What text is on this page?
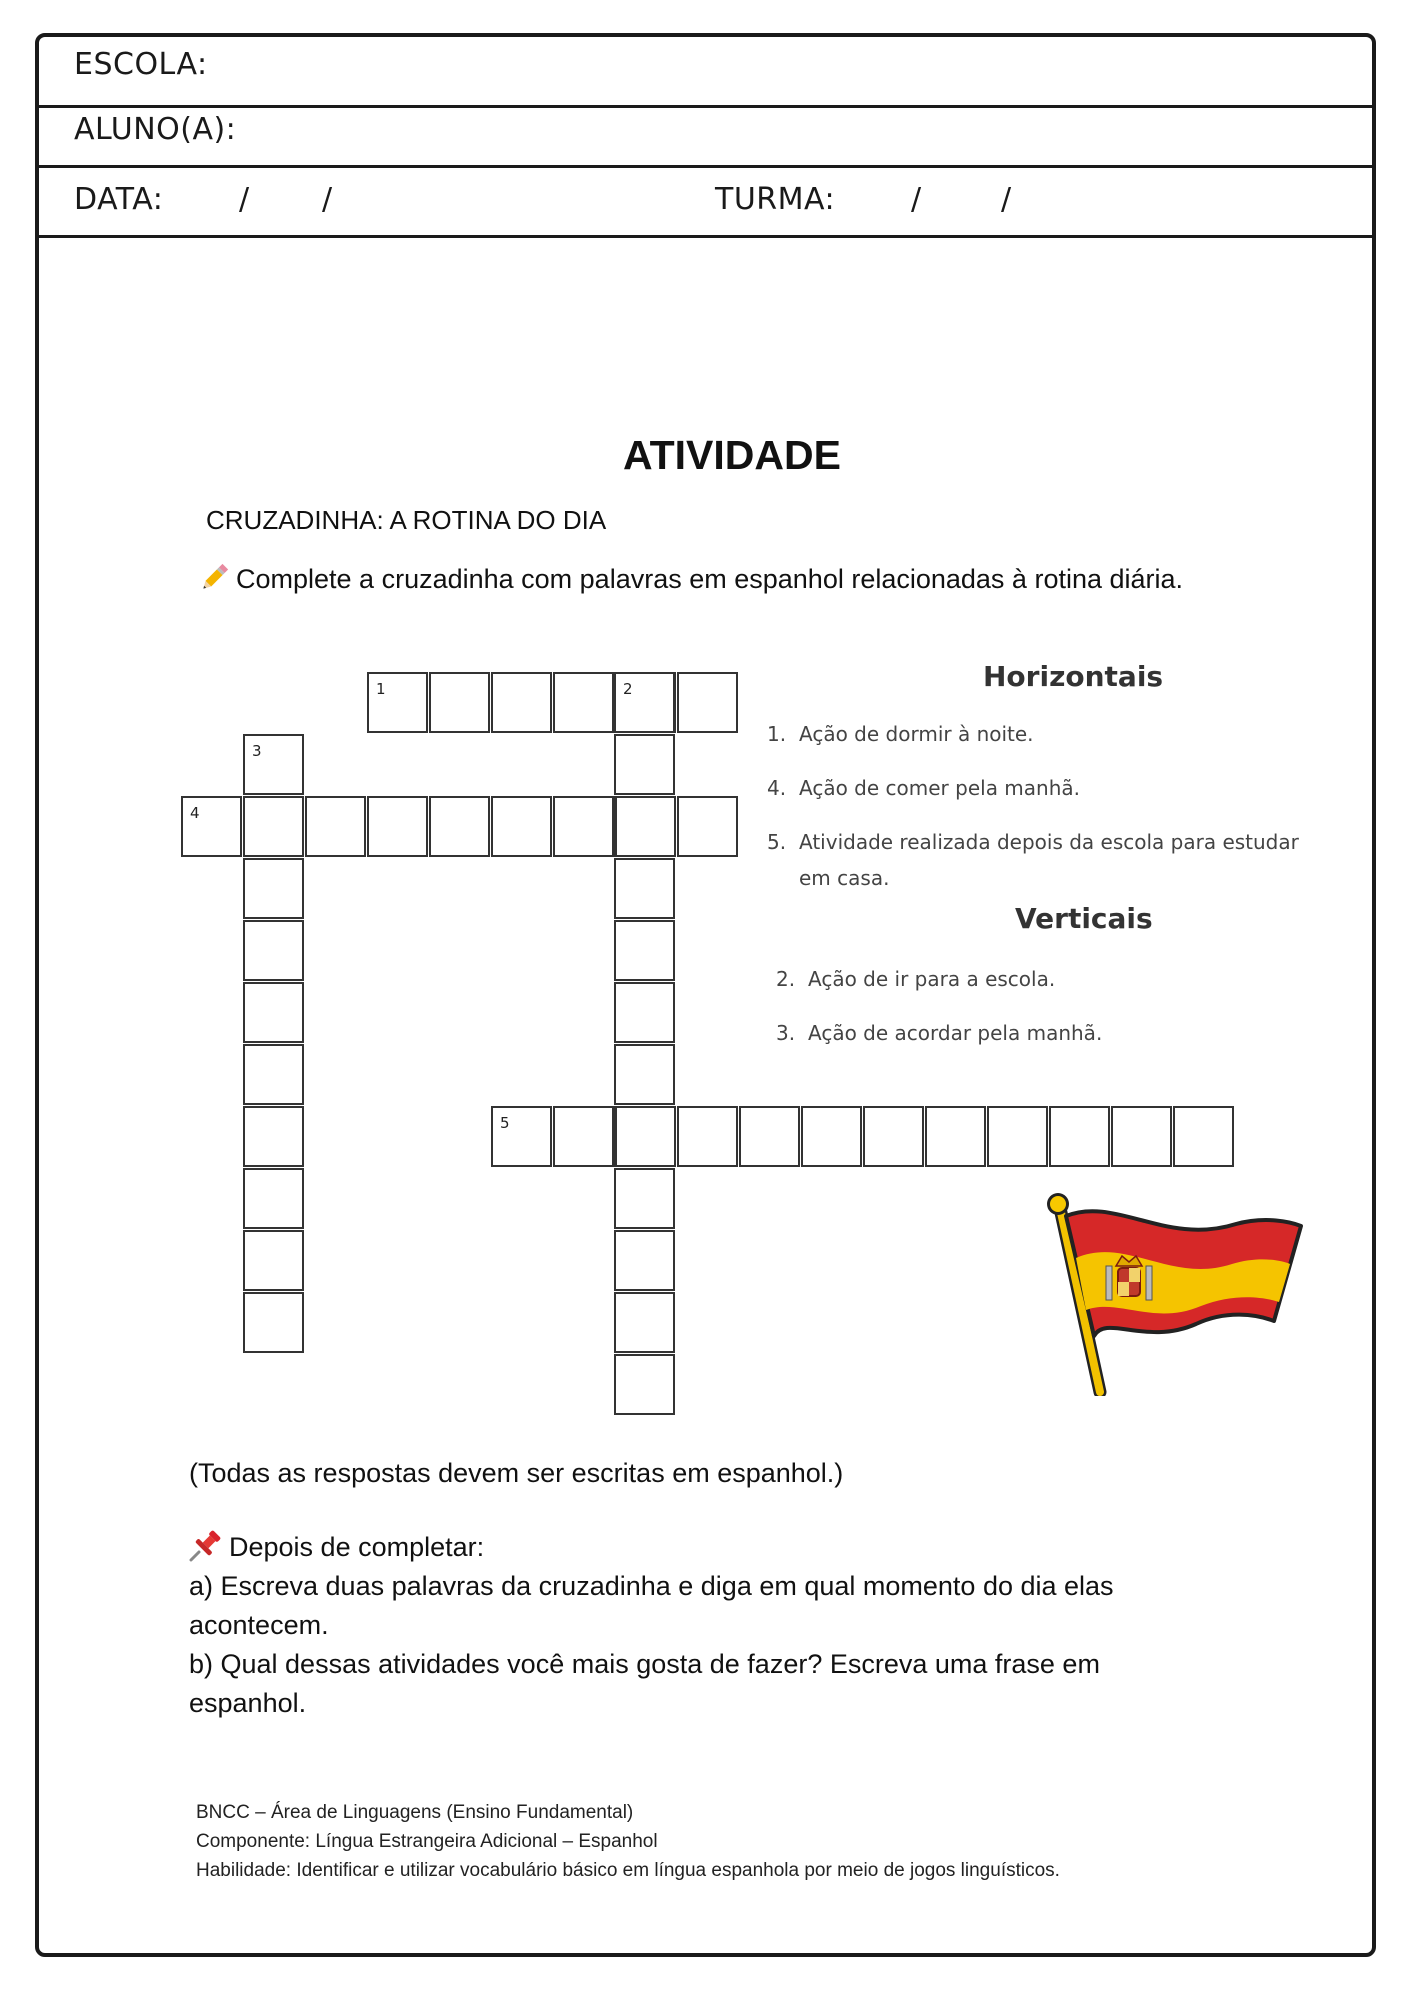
ESCOLA:
ALUNO(A):
DATA:	/ /	TURMA:	/	/
ATIVIDADE
CRUZADINHA: A ROTINA DO DIA
Complete a cruzadinha com palavras em espanhol relacionadas à rotina diária.
1	2
3
4
5
Horizontais
1. Ação de dormir à noite.
4. Ação de comer pela manhã.
5. Atividade realizada depois da escola para estudar
em casa.
Verticais
2. Ação de ir para a escola.
3. Ação de acordar pela manhã.
(Todas as respostas devem ser escritas em espanhol.)

Depois de completar:

a) Escreva duas palavras da cruzadinha e diga em qual momento do dia elas acontecem.

b) Qual dessas atividades você mais gosta de fazer? Escreva uma frase em espanhol.

BNCC – Área de Linguagens (Ensino Fundamental)
Componente: Língua Estrangeira Adicional – Espanhol
Habilidade: Identificar e utilizar vocabulário básico em língua espanhola por meio de jogos linguísticos.
